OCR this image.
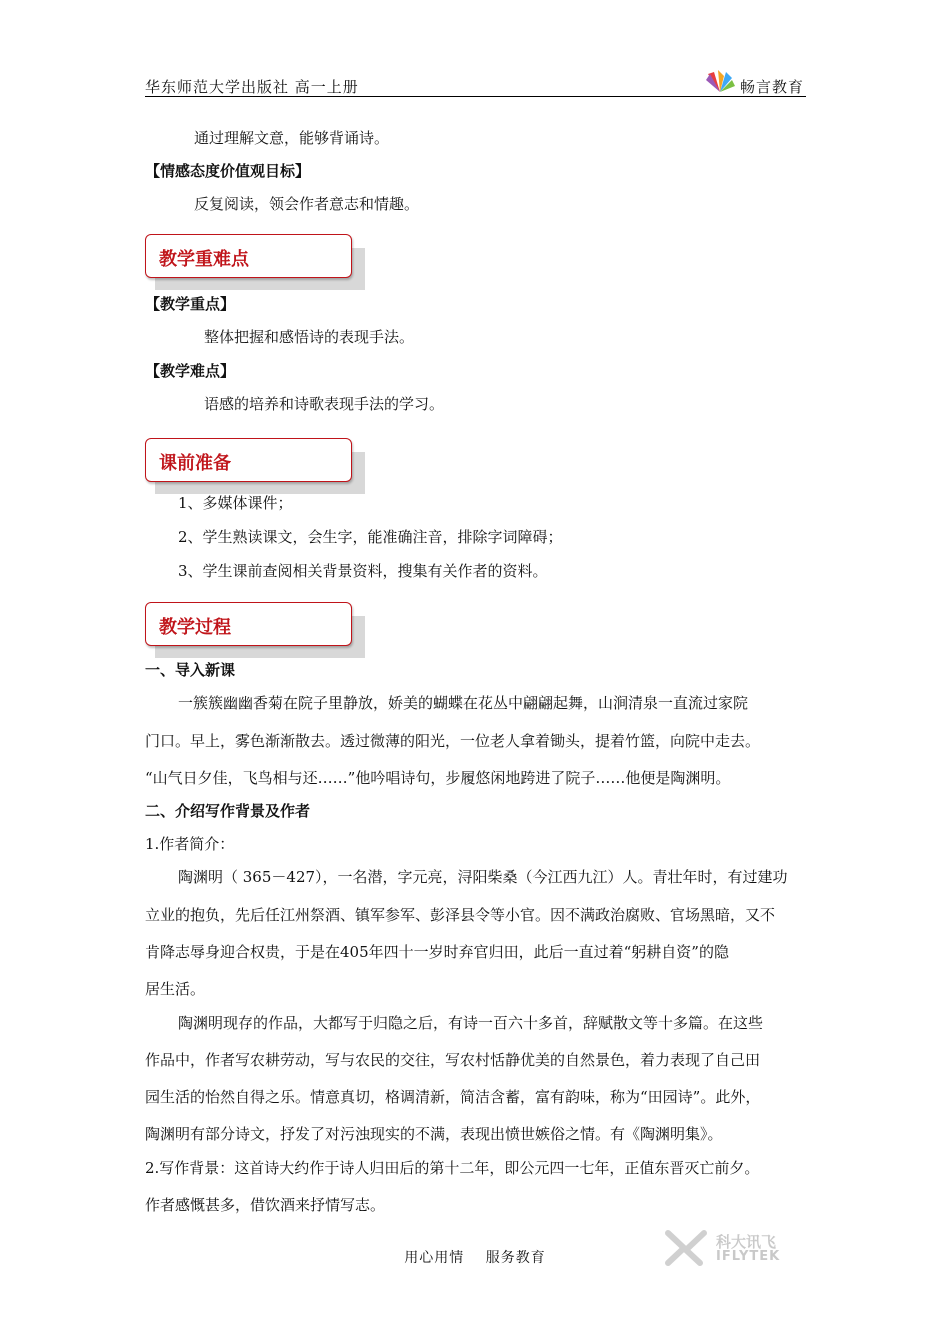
华东师范大学出版社 高一上册	畅言教育
通过理解文意，能够背诵诗。
【情感态度价值观目标】
反复阅读，领会作者意志和情趣。
教学重难点
【教学重点】
整体把握和感悟诗的表现手法。
【教学难点】
语感的培养和诗歌表现手法的学习。
课前准备
1、多媒体课件；
2、学生熟读课文，会生字，能准确注音，排除字词障碍；
3、学生课前查阅相关背景资料，搜集有关作者的资料。
教学过程
一、导入新课
一簇簇幽幽香菊在院子里静放，娇美的蝴蝶在花丛中翩翩起舞，山涧清泉一直流过家院
门口。早上，雾色渐渐散去。透过微薄的阳光，一位老人拿着锄头，提着竹篮，向院中走去。
“山气日夕佳，飞鸟相与还……”他吟唱诗句，步履悠闲地跨进了院子……他便是陶渊明。
二、介绍写作背景及作者
1.作者简介：
陶渊明（ 365－427），一名潜，字元亮，浔阳柴桑（今江西九江）人。青壮年时，有过建功
立业的抱负，先后任江州祭酒、镇军参军、彭泽县令等小官。因不满政治腐败、官场黑暗，又不
肯降志辱身迎合权贵，于是在405年四十一岁时弃官归田，此后一直过着“躬耕自资”的隐
居生活。
陶渊明现存的作品，大都写于归隐之后，有诗一百六十多首，辞赋散文等十多篇。在这些
作品中，作者写农耕劳动，写与农民的交往，写农村恬静优美的自然景色，着力表现了自己田
园生活的怡然自得之乐。情意真切，格调清新，简洁含蓄，富有韵味，称为“田园诗”。此外，
陶渊明有部分诗文，抒发了对污浊现实的不满，表现出愤世嫉俗之情。有《陶渊明集》。
2.写作背景：这首诗大约作于诗人归田后的第十二年，即公元四一七年，正值东晋灭亡前夕。
作者感慨甚多，借饮酒来抒情写志。
用心用情 服务教育
科大讯飞
IFLYTEK
